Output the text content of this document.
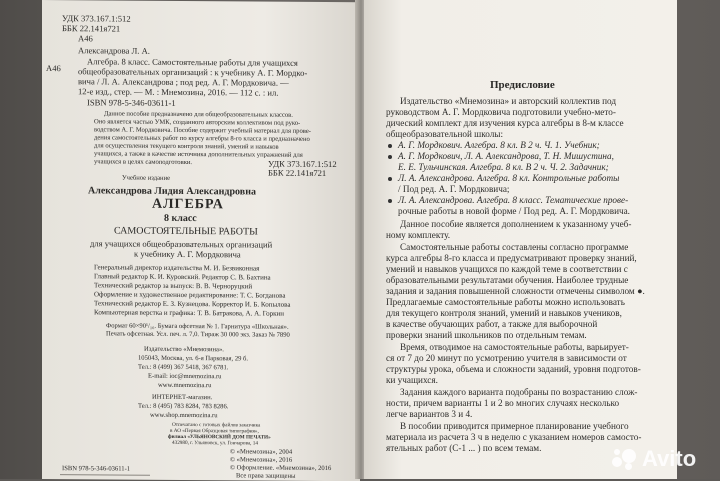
УДК 373.167.1:512
ББК 22.141я721
А46
А46
Александрова Л. А.
Алгебра. 8 класс. Самостоятельные работы для учащихся
общеобразовательных организаций : к учебнику А. Г. Мордко-
вича / Л. А. Александрова ; под ред. А. Г. Мордковича. —
12-е изд., стер. — М. : Мнемозина, 2016. — 112 с. : ил.
ISBN 978-5-346-03611-1
Данное пособие предназначено для общеобразовательных классов.
Оно является частью УМК, созданного авторским коллективом под руко-
водством А. Г. Мордковича. Пособие содержит учебный материал для прове-
дения самостоятельных работ по курсу алгебры 8-го класса и предназначено
для осуществления текущего контроля знаний, умений и навыков
учащихся, а также в качестве источника дополнительных упражнений для
учащихся в целях самоподготовки.	УДК 373.167.1:512
ББК 22.141я721
Учебное издание
Александрова Лидия Александровна
АЛГЕБРА
8 класс
САМОСТОЯТЕЛЬНЫЕ РАБОТЫ
для учащихся общеобразовательных организаций
к учебнику А. Г. Мордковича
Генеральный директор издательства М. И. Безвиконная
Главный редактор К. И. Куровский. Редактор С. В. Бахтина
Технический редактор за выпуск: В. В. Черноруцкий
Оформление и художественное редактирование: Т. С. Богданова
Технический редактор Е. З. Кузнецова. Корректор И. Б. Копылова
Компьютерная верстка и графика: Т. В. Батракова, А. А. Горкин
Формат 60×90¹/₁₆. Бумага офсетная № 1. Гарнитура «Школьная».
Печать офсетная. Усл. печ. л. 7,0. Тираж 30 000 экз. Заказ № 7890
Издательство «Мнемозина».
105043, Москва, ул. 6-я Парковая, 29 б.
Тел.: 8 (499) 367 5418, 367 6781.
E-mail: ioc@mnemozina.ru
www.mnemozina.ru
ИНТЕРНЕТ-магазин.
Тел.: 8 (495) 783 8284, 783 8286.
www.shop.mnemozina.ru
Отпечатано с готовых файлов заказчика
в АО «Первая Образцовая типография»,
филиал «УЛЬЯНОВСКИЙ ДОМ ПЕЧАТИ»
432980, г. Ульяновск, ул. Гончарова, 14
© «Мнемозина», 2004
© «Мнемозина», 2016
© Оформление. «Мнемозина», 2016
Все права защищены
ISBN 978-5-346-03611-1
Предисловие
Издательство «Мнемозина» и авторский коллектив под
руководством А. Г. Мордковича подготовили учебно-мето-
дический комплект для изучения курса алгебры в 8-м классе
общеобразовательной школы:
А. Г. Мордкович. Алгебра. 8 кл. В 2 ч. Ч. 1. Учебник;
А. Г. Мордкович, Л. А. Александрова, Т. Н. Мишустина,
Е. Е. Тульчинская. Алгебра. 8 кл. В 2 ч. Ч. 2. Задачник;
Л. А. Александрова. Алгебра. 8 кл. Контрольные работы
/ Под ред. А. Г. Мордковича;
Л. А. Александрова. Алгебра. 8 класс. Тематические прове-
рочные работы в новой форме / Под ред. А. Г. Мордковича.
Данное пособие является дополнением к указанному учеб-
ному комплекту.
Самостоятельные работы составлены согласно программе
курса алгебры 8-го класса и предусматривают проверку знаний,
умений и навыков учащихся по каждой теме в соответствии с
образовательными результатами обучения. Наиболее трудные
задания и задания повышенной сложности отмечены символом ●.
Предлагаемые самостоятельные работы можно использовать
для текущего контроля знаний, умений и навыков учеников,
в качестве обучающих работ, а также для выборочной
проверки знаний школьников по отдельным темам.
Время, отводимое на самостоятельные работы, варьирует-
ся от 7 до 20 минут по усмотрению учителя в зависимости от
структуры урока, объема и сложности заданий, уровня подготов-
ки учащихся.
Задания каждого варианта подобраны по возрастанию слож-
ности, причем варианты 1 и 2 во многих случаях несколько
легче вариантов 3 и 4.
В пособии приводится примерное планирование учебного
материала из расчета 3 ч в неделю с указанием номеров самосто-
ятельных работ (С-1 ... ) по всем темам.	Avito
